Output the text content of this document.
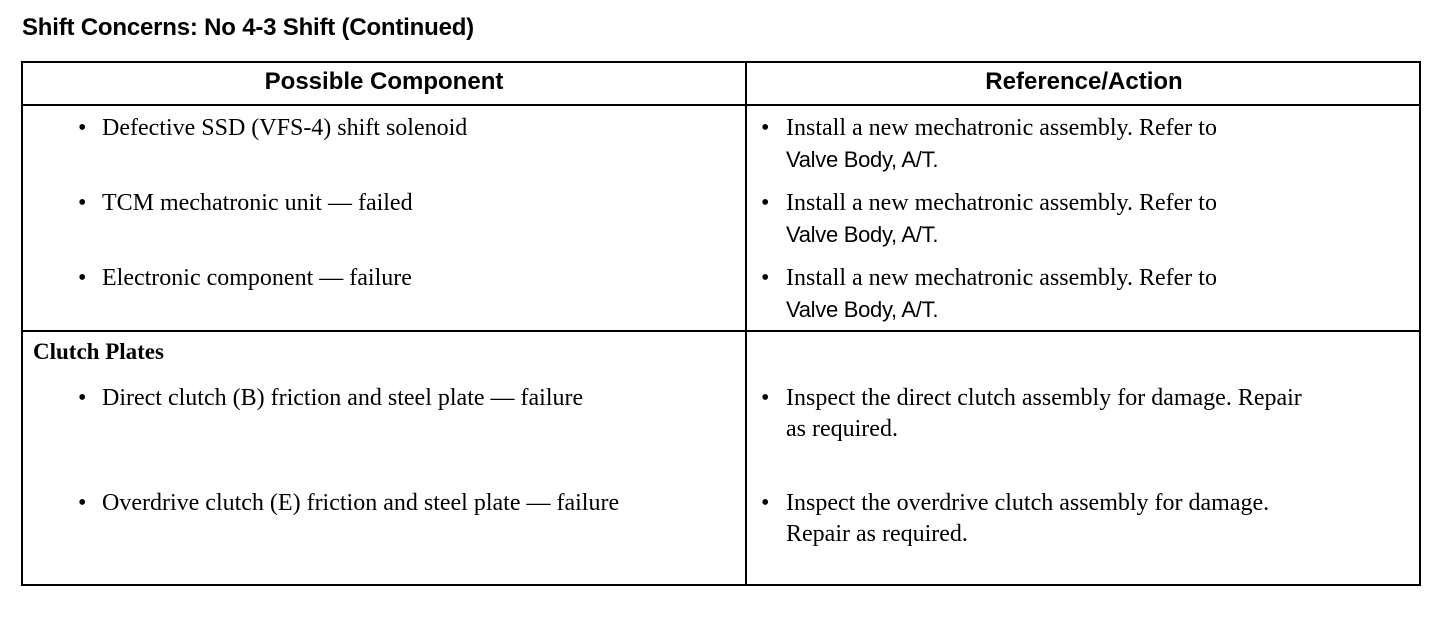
Shift Concerns: No 4-3 Shift (Continued)
Possible Component	Reference/Action
• Defective SSD (VFS-4) shift solenoid	• Install a new mechatronic assembly. Refer to
Valve Body, A/T.
• TCM mechatronic unit — failed	• Install a new mechatronic assembly. Refer to
Valve Body, A/T.
• Electronic component — failure	• Install a new mechatronic assembly. Refer to
Valve Body, A/T.
Clutch Plates
• Direct clutch (B) friction and steel plate — failure	• Inspect the direct clutch assembly for damage. Repair
as required.
• Overdrive clutch (E) friction and steel plate — failure	• Inspect the overdrive clutch assembly for damage.
Repair as required.
